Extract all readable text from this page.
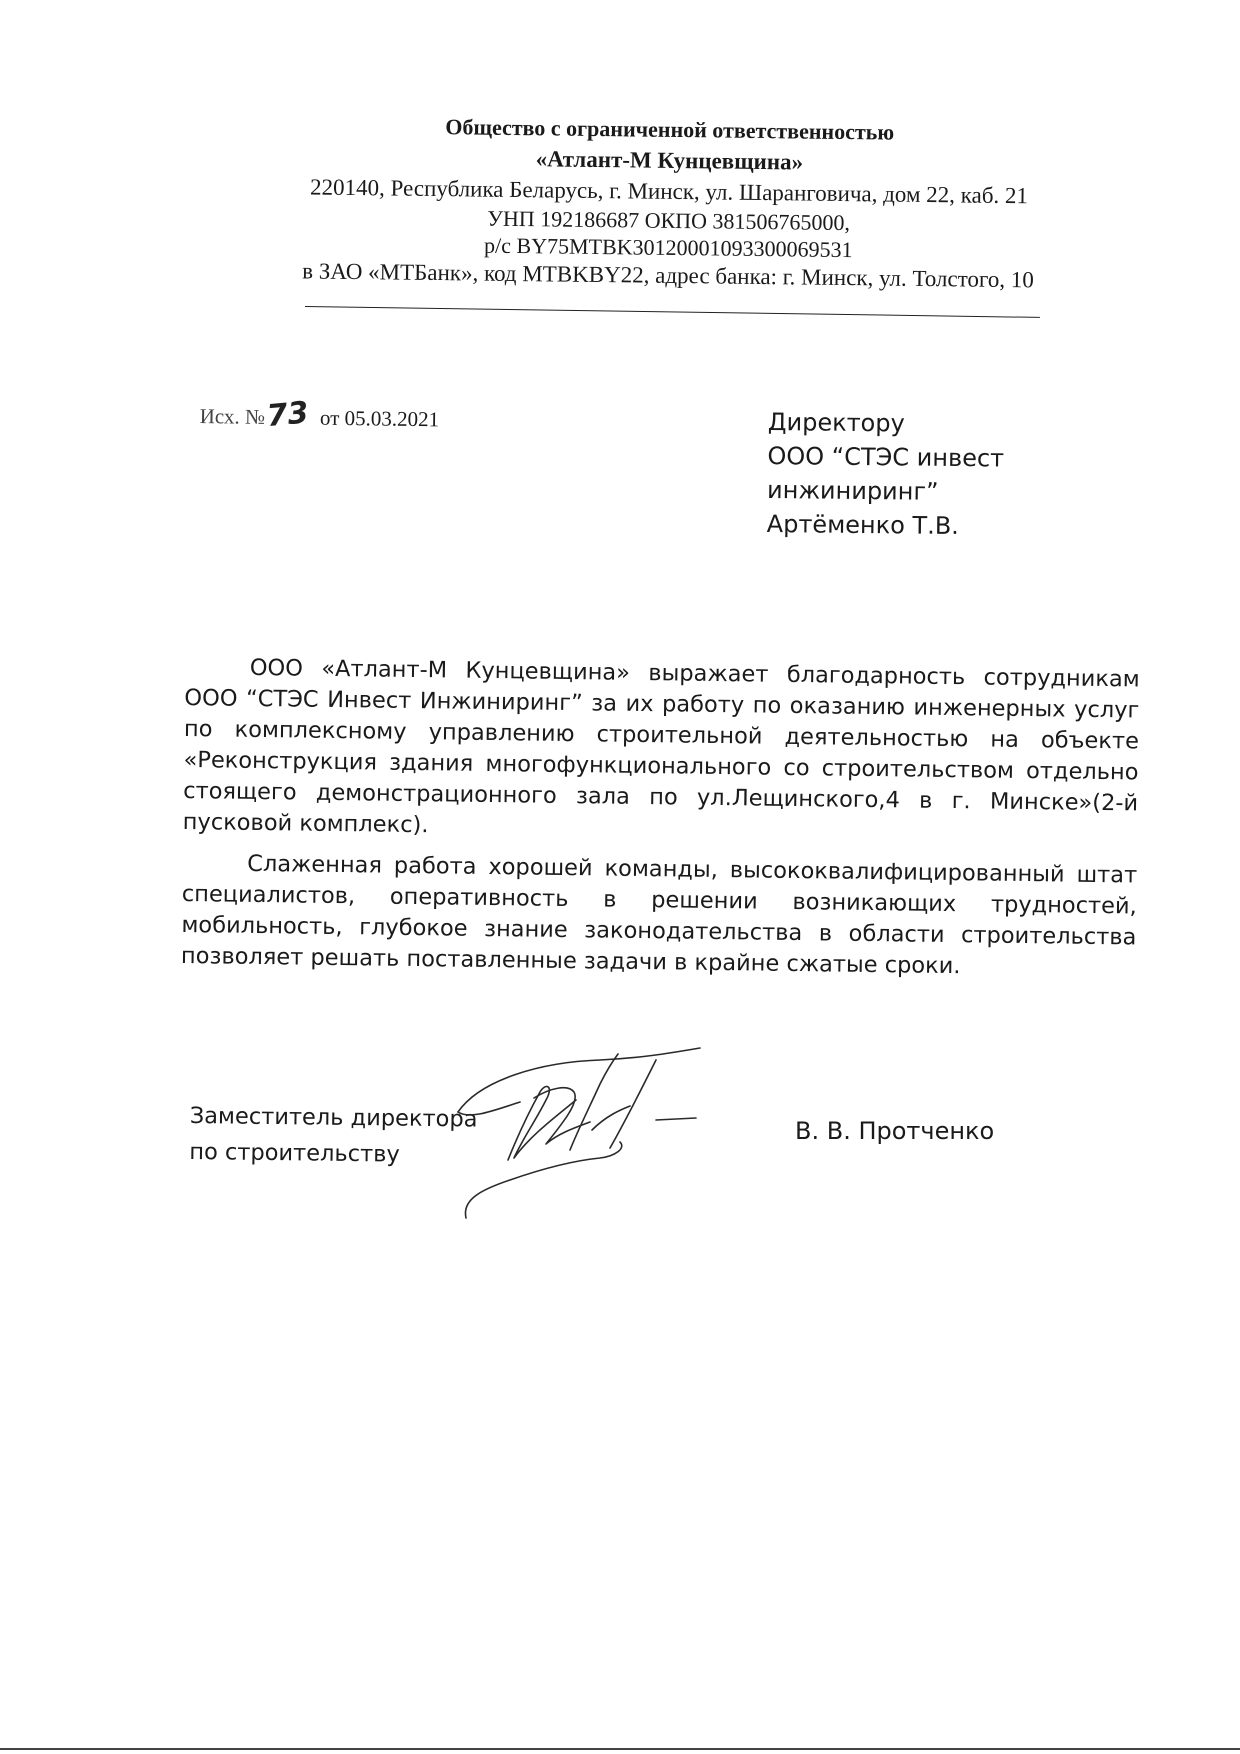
Общество с ограниченной ответственностью
«Атлант-М Кунцевщина»
220140, Республика Беларусь, г. Минск, ул. Шаранговича, дом 22, каб. 21
УНП 192186687 ОКПО 381506765000,
р/с BY75MTBK30120001093300069531
в ЗАО «МТБанк», код MTBKBY22, адрес банка: г. Минск, ул. Толстого, 10
Исх. №73 от 05.03.2021	Директору
ООО “СТЭС инвест
инжиниринг”
Артёменко Т.В.

ООО «Атлант-М Кунцевщина» выражает благодарность сотрудникам ООО “СТЭС Инвест Инжиниринг” за их работу по оказанию инженерных услуг по комплексному управлению строительной деятельностью на объекте «Реконструкция здания многофункционального со строительством отдельно стоящего демонстрационного зала по ул.Лещинского,4 в г. Минске»(2-й пусковой комплекс).

Слаженная работа хорошей команды, высококвалифицированный штат специалистов, оперативность в решении возникающих трудностей, мобильность, глубокое знание законодательства в области строительства позволяет решать поставленные задачи в крайне сжатые сроки.

Заместитель директора
по строительству
В. В. Протченко
